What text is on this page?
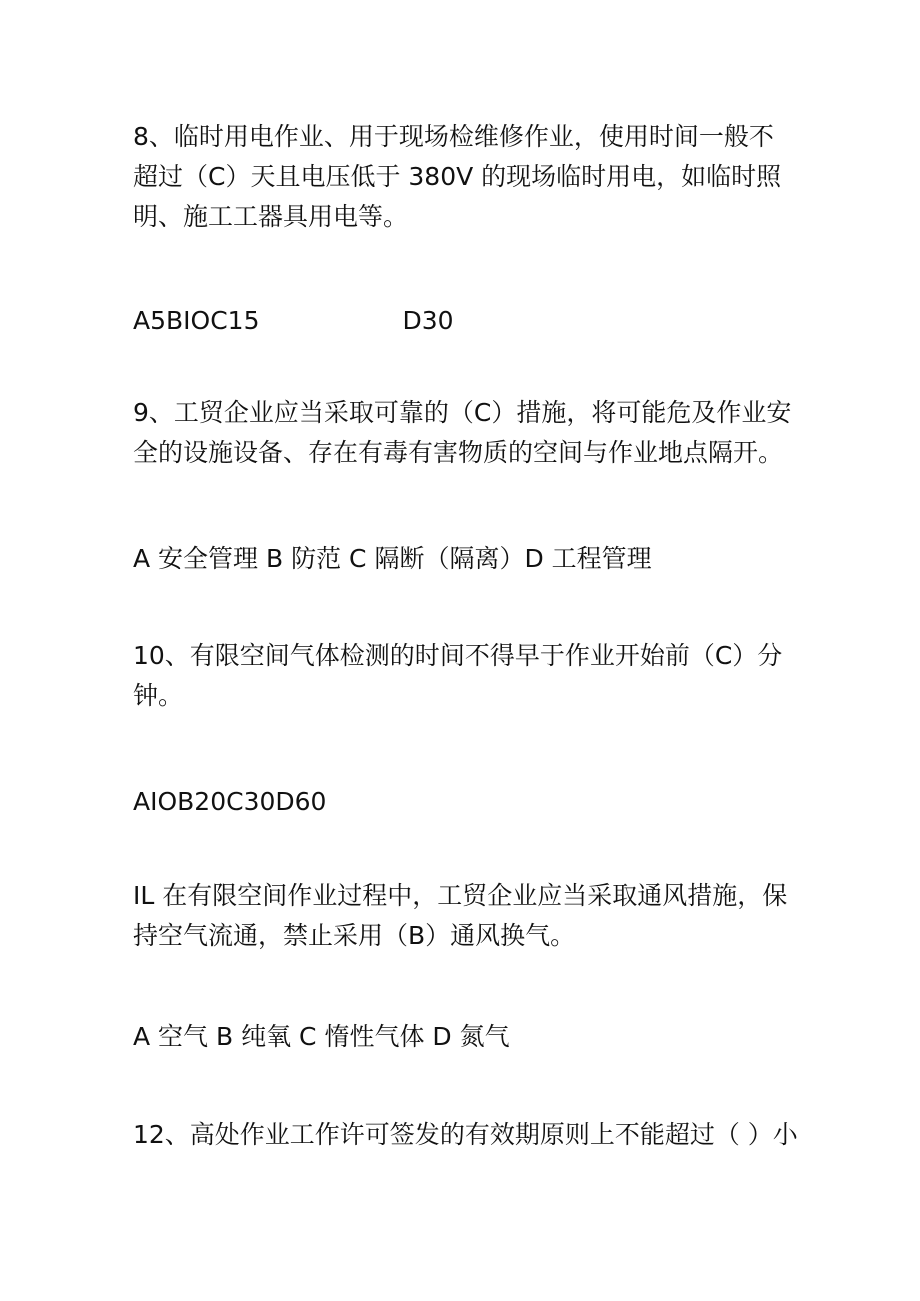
8、临时用电作业、用于现场检维修作业，使用时间一般不
超过（C）天且电压低于 380V 的现场临时用电，如临时照
明、施工工器具用电等。

A5BIOC15                  D30

9、工贸企业应当采取可靠的（C）措施，将可能危及作业安
全的设施设备、存在有毒有害物质的空间与作业地点隔开。

A 安全管理 B 防范 C 隔断（隔离）D 工程管理

10、有限空间气体检测的时间不得早于作业开始前（C）分
钟。

AIOB20C30D60

IL 在有限空间作业过程中，工贸企业应当采取通风措施，保
持空气流通，禁止采用（B）通风换气。

A 空气 B 纯氧 C 惰性气体 D 氮气

12、高处作业工作许可签发的有效期原则上不能超过（ ）小
